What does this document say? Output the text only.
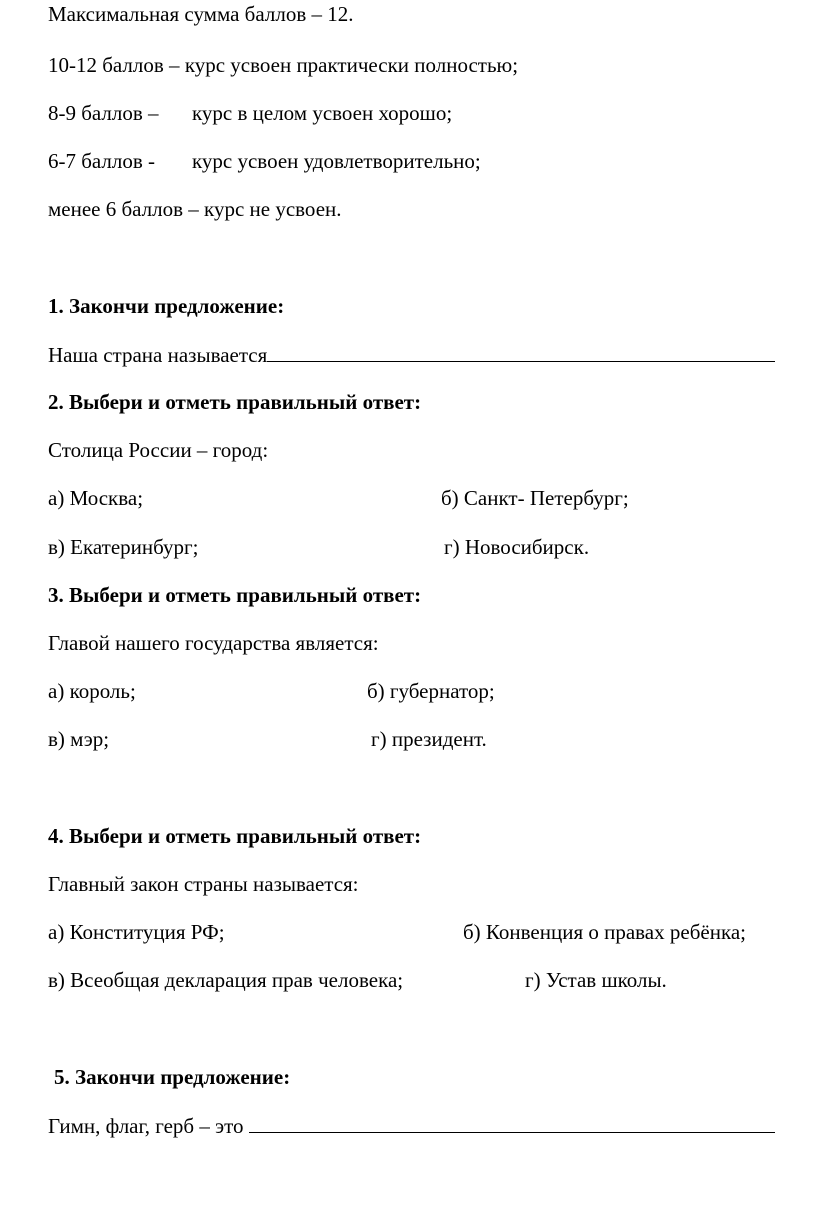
Максимальная сумма баллов – 12.
10-12 баллов – курс усвоен практически полностью;
8-9 баллов – курс в целом усвоен хорошо;
6-7 баллов - курс усвоен удовлетворительно;
менее 6 баллов – курс не усвоен.
1. Закончи предложение:
Наша страна называется
2. Выбери и отметь правильный ответ:
Столица России – город:
а) Москва;	б) Санкт- Петербург;
в) Екатеринбург;	г) Новосибирск.
3. Выбери и отметь правильный ответ:
Главой нашего государства является:
а) король;	б) губернатор;
в) мэр;	г) президент.
4. Выбери и отметь правильный ответ:
Главный закон страны называется:
а) Конституция РФ;	б) Конвенция о правах ребёнка;
в) Всеобщая декларация прав человека;	г) Устав школы.
5. Закончи предложение:
Гимн, флаг, герб – это
